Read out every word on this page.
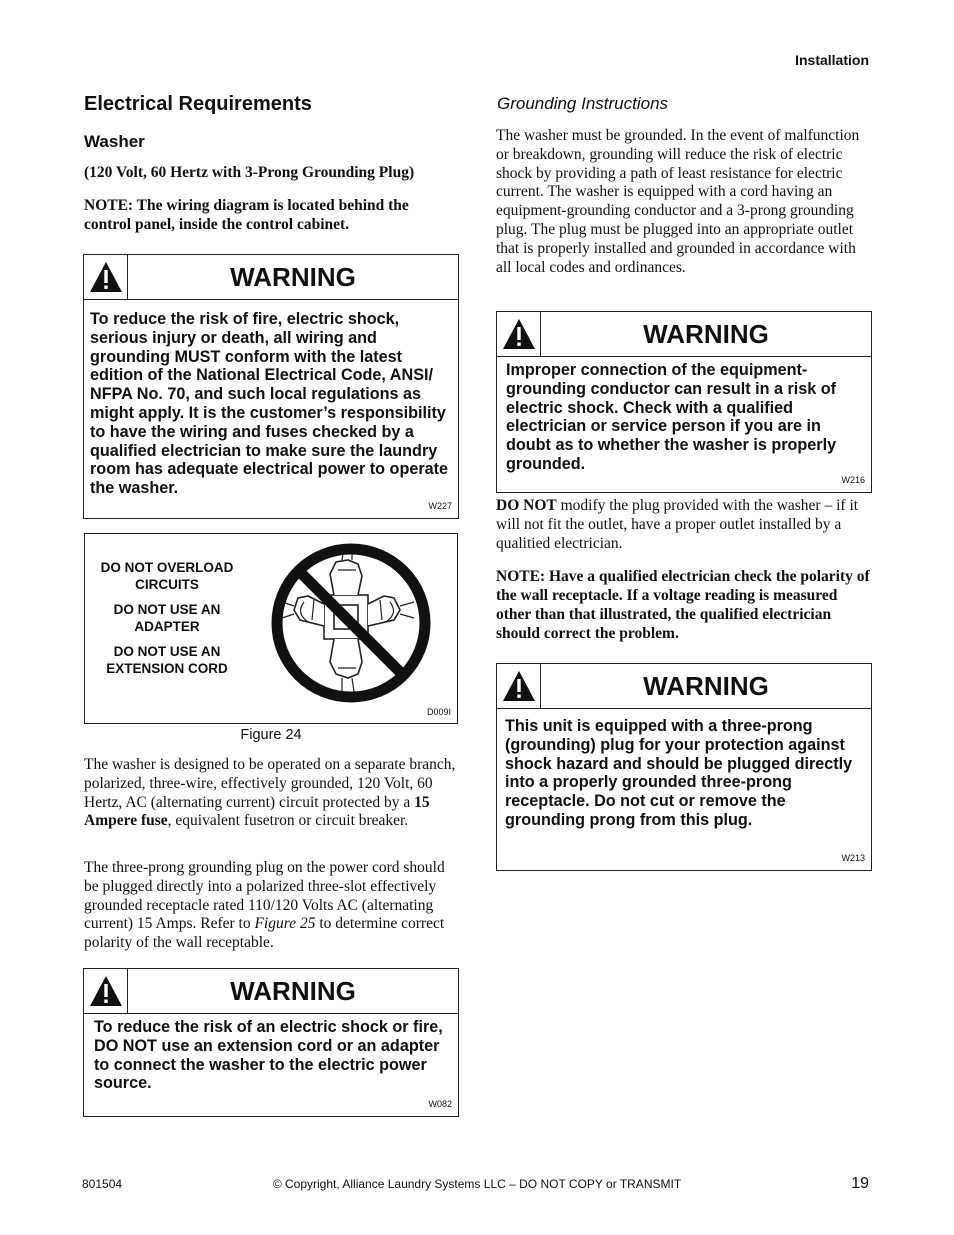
Installation
Electrical Requirements
Washer
(120 Volt, 60 Hertz with 3-Prong Grounding Plug)
NOTE: The wiring diagram is located behind the control panel, inside the control cabinet.
WARNING
To reduce the risk of fire, electric shock, serious injury or death, all wiring and grounding MUST conform with the latest edition of the National Electrical Code, ANSI/ NFPA No. 70, and such local regulations as might apply. It is the customer’s responsibility to have the wiring and fuses checked by a qualified electrician to make sure the laundry room has adequate electrical power to operate the washer.
W227
DO NOT OVERLOAD CIRCUITS
DO NOT USE AN ADAPTER
DO NOT USE AN EXTENSION CORD
D009I
Figure 24
The washer is designed to be operated on a separate branch, polarized, three-wire, effectively grounded, 120 Volt, 60 Hertz, AC (alternating current) circuit protected by a 15 Ampere fuse, equivalent fusetron or circuit breaker.
The three-prong grounding plug on the power cord should be plugged directly into a polarized three-slot effectively grounded receptacle rated 110/120 Volts AC (alternating current) 15 Amps. Refer to Figure 25 to determine correct polarity of the wall receptable.
WARNING
To reduce the risk of an electric shock or fire, DO NOT use an extension cord or an adapter to connect the washer to the electric power source.
W082
Grounding Instructions
The washer must be grounded. In the event of malfunction or breakdown, grounding will reduce the risk of electric shock by providing a path of least resistance for electric current. The washer is equipped with a cord having an equipment-grounding conductor and a 3-prong grounding plug. The plug must be plugged into an appropriate outlet that is properly installed and grounded in accordance with all local codes and ordinances.
WARNING
Improper connection of the equipment-grounding conductor can result in a risk of electric shock. Check with a qualified electrician or service person if you are in doubt as to whether the washer is properly grounded.
W216
DO NOT modify the plug provided with the washer – if it will not fit the outlet, have a proper outlet installed by a qualitied electrician.
NOTE: Have a qualified electrician check the polarity of the wall receptacle. If a voltage reading is measured other than that illustrated, the qualified electrician should correct the problem.
WARNING
This unit is equipped with a three-prong (grounding) plug for your protection against shock hazard and should be plugged directly into a properly grounded three-prong receptacle. Do not cut or remove the grounding prong from this plug.
W213
801504	© Copyright, Alliance Laundry Systems LLC – DO NOT COPY or TRANSMIT	19
